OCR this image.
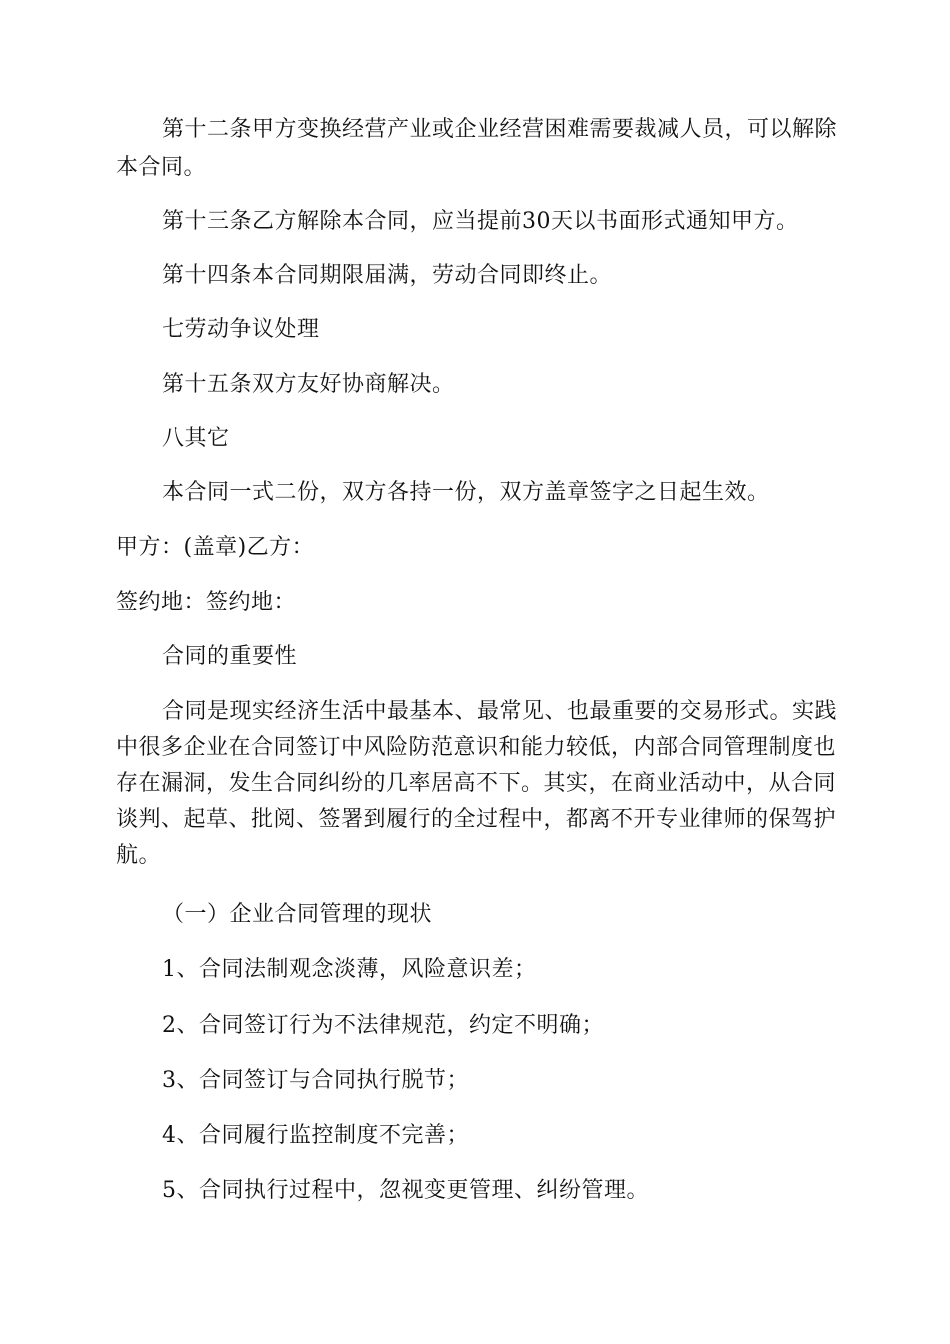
第十二条甲方变换经营产业或企业经营困难需要裁减人员，可以解除
本合同。
第十三条乙方解除本合同，应当提前30天以书面形式通知甲方。
第十四条本合同期限届满，劳动合同即终止。
七劳动争议处理
第十五条双方友好协商解决。
八其它
本合同一式二份，双方各持一份，双方盖章签字之日起生效。
甲方：(盖章)乙方：
签约地：签约地：
合同的重要性
合同是现实经济生活中最基本、最常见、也最重要的交易形式。实践
中很多企业在合同签订中风险防范意识和能力较低，内部合同管理制度也
存在漏洞，发生合同纠纷的几率居高不下。其实，在商业活动中，从合同
谈判、起草、批阅、签署到履行的全过程中，都离不开专业律师的保驾护
航。
（一）企业合同管理的现状
1、合同法制观念淡薄，风险意识差；
2、合同签订行为不法律规范，约定不明确；
3、合同签订与合同执行脱节；
4、合同履行监控制度不完善；
5、合同执行过程中，忽视变更管理、纠纷管理。
